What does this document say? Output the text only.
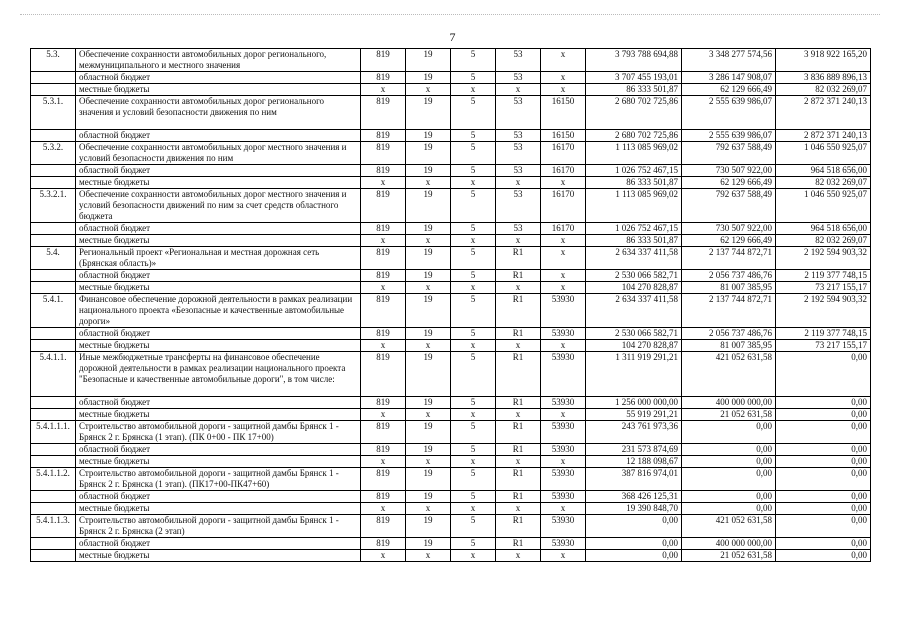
7
5.3.	Обеспечение сохранности автомобильных дорог регионального, межмуниципального и местного значения	819	19	5	53	x	3 793 788 694,88	3 348 277 574,56	3 918 922 165,20
	областной бюджет	819	19	5	53	x	3 707 455 193,01	3 286 147 908,07	3 836 889 896,13
	местные бюджеты	x	x	x	x	x	86 333 501,87	62 129 666,49	82 032 269,07
5.3.1.	Обеспечение сохранности автомобильных дорог регионального значения и условий безопасности движения по ним	819	19	5	53	16150	2 680 702 725,86	2 555 639 986,07	2 872 371 240,13
	областной бюджет	819	19	5	53	16150	2 680 702 725,86	2 555 639 986,07	2 872 371 240,13
5.3.2.	Обеспечение сохранности автомобильных дорог местного значения и условий безопасности движения по ним	819	19	5	53	16170	1 113 085 969,02	792 637 588,49	1 046 550 925,07
	областной бюджет	819	19	5	53	16170	1 026 752 467,15	730 507 922,00	964 518 656,00
	местные бюджеты	x	x	x	x	x	86 333 501,87	62 129 666,49	82 032 269,07
5.3.2.1.	Обеспечение сохранности автомобильных дорог местного значения и условий безопасности движений по ним за счет средств областного бюджета	819	19	5	53	16170	1 113 085 969,02	792 637 588,49	1 046 550 925,07
	областной бюджет	819	19	5	53	16170	1 026 752 467,15	730 507 922,00	964 518 656,00
	местные бюджеты	x	x	x	x	x	86 333 501,87	62 129 666,49	82 032 269,07
5.4.	Региональный проект «Региональная и местная дорожная сеть (Брянская область)»	819	19	5	R1	x	2 634 337 411,58	2 137 744 872,71	2 192 594 903,32
	областной бюджет	819	19	5	R1	x	2 530 066 582,71	2 056 737 486,76	2 119 377 748,15
	местные бюджеты	x	x	x	x	x	104 270 828,87	81 007 385,95	73 217 155,17
5.4.1.	Финансовое обеспечение дорожной деятельности в рамках реализации национального проекта «Безопасные и качественные автомобильные дороги»	819	19	5	R1	53930	2 634 337 411,58	2 137 744 872,71	2 192 594 903,32
	областной бюджет	819	19	5	R1	53930	2 530 066 582,71	2 056 737 486,76	2 119 377 748,15
	местные бюджеты	x	x	x	x	x	104 270 828,87	81 007 385,95	73 217 155,17
5.4.1.1.	Иные межбюджетные трансферты на финансовое обеспечение дорожной деятельности в рамках реализации национального проекта "Безопасные и качественные автомобильные дороги", в том числе:	819	19	5	R1	53930	1 311 919 291,21	421 052 631,58	0,00
	областной бюджет	819	19	5	R1	53930	1 256 000 000,00	400 000 000,00	0,00
	местные бюджеты	x	x	x	x	x	55 919 291,21	21 052 631,58	0,00
5.4.1.1.1.	Строительство автомобильной дороги - защитной дамбы Брянск 1 - Брянск 2 г. Брянска (1 этап). (ПК 0+00 - ПК 17+00)	819	19	5	R1	53930	243 761 973,36	0,00	0,00
	областной бюджет	819	19	5	R1	53930	231 573 874,69	0,00	0,00
	местные бюджеты	x	x	x	x	x	12 188 098,67	0,00	0,00
5.4.1.1.2.	Строительство автомобильной дороги - защитной дамбы Брянск 1 - Брянск 2 г. Брянска (1 этап). (ПК17+00-ПК47+60)	819	19	5	R1	53930	387 816 974,01	0,00	0,00
	областной бюджет	819	19	5	R1	53930	368 426 125,31	0,00	0,00
	местные бюджеты	x	x	x	x	x	19 390 848,70	0,00	0,00
5.4.1.1.3.	Строительство автомобильной дороги - защитной дамбы Брянск 1 - Брянск 2 г. Брянска (2 этап)	819	19	5	R1	53930	0,00	421 052 631,58	0,00
	областной бюджет	819	19	5	R1	53930	0,00	400 000 000,00	0,00
	местные бюджеты	x	x	x	x	x	0,00	21 052 631,58	0,00
